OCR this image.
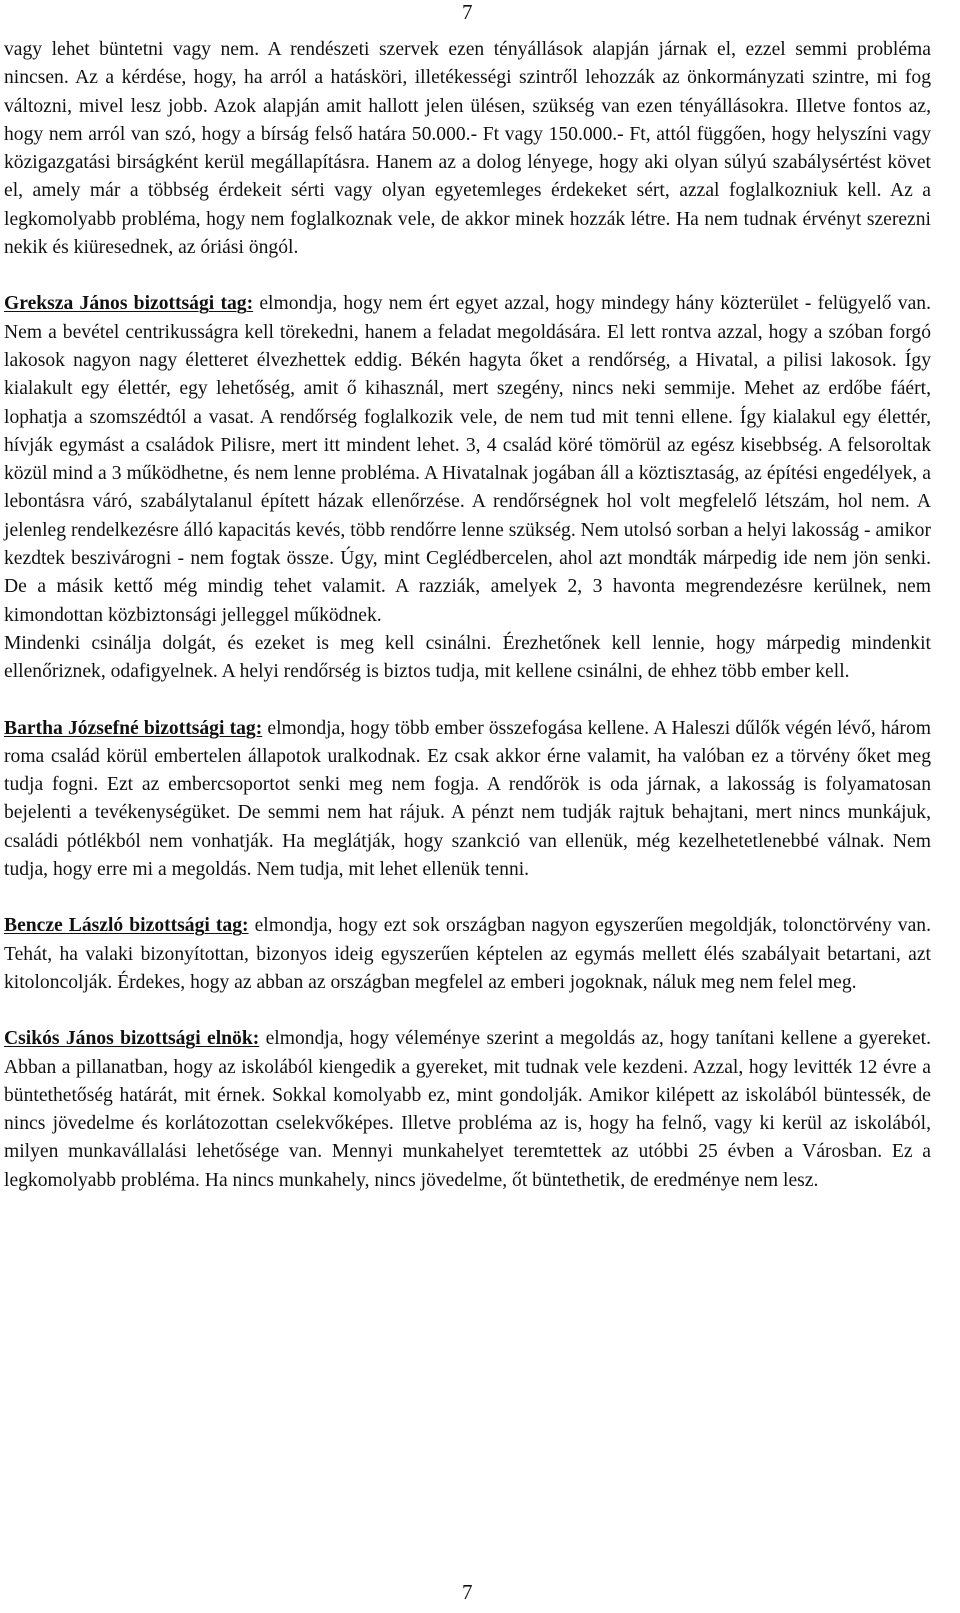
7

vagy lehet büntetni vagy nem. A rendészeti szervek ezen tényállások alapján járnak el, ezzel semmi probléma nincsen. Az a kérdése, hogy, ha arról a hatásköri, illetékességi szintről lehozzák az önkormányzati szintre, mi fog változni, mivel lesz jobb. Azok alapján amit hallott jelen ülésen, szükség van ezen tényállásokra. Illetve fontos az, hogy nem arról van szó, hogy a bírság felső határa 50.000.- Ft vagy 150.000.- Ft, attól függően, hogy helyszíni vagy közigazgatási birságként kerül megállapításra. Hanem az a dolog lényege, hogy aki olyan súlyú szabálysértést követ el, amely már a többség érdekeit sérti vagy olyan egyetemleges érdekeket sért, azzal foglalkozniuk kell. Az a legkomolyabb probléma, hogy nem foglalkoznak vele, de akkor minek hozzák létre. Ha nem tudnak érvényt szerezni nekik és kiüresednek, az óriási öngól.

Greksza János bizottsági tag: elmondja, hogy nem ért egyet azzal, hogy mindegy hány közterület - felügyelő van. Nem a bevétel centrikusságra kell törekedni, hanem a feladat megoldására. El lett rontva azzal, hogy a szóban forgó lakosok nagyon nagy életteret élvezhettek eddig. Békén hagyta őket a rendőrség, a Hivatal, a pilisi lakosok. Így kialakult egy élettér, egy lehetőség, amit ő kihasznál, mert szegény, nincs neki semmije. Mehet az erdőbe fáért, lophatja a szomszédtól a vasat. A rendőrség foglalkozik vele, de nem tud mit tenni ellene. Így kialakul egy élettér, hívják egymást a családok Pilisre, mert itt mindent lehet. 3, 4 család köré tömörül az egész kisebbség. A felsoroltak közül mind a 3 működhetne, és nem lenne probléma. A Hivatalnak jogában áll a köztisztaság, az építési engedélyek, a lebontásra váró, szabálytalanul épített házak ellenőrzése. A rendőrségnek hol volt megfelelő létszám, hol nem. A jelenleg rendelkezésre álló kapacitás kevés, több rendőrre lenne szükség. Nem utolsó sorban a helyi lakosság - amikor kezdtek beszivárogni - nem fogtak össze. Úgy, mint Ceglédbercelen, ahol azt mondták márpedig ide nem jön senki. De a másik kettő még mindig tehet valamit. A razziák, amelyek 2, 3 havonta megrendezésre kerülnek, nem kimondottan közbiztonsági jelleggel működnek.

Mindenki csinálja dolgát, és ezeket is meg kell csinálni. Érezhetőnek kell lennie, hogy márpedig mindenkit ellenőriznek, odafigyelnek. A helyi rendőrség is biztos tudja, mit kellene csinálni, de ehhez több ember kell.

Bartha Józsefné bizottsági tag: elmondja, hogy több ember összefogása kellene. A Haleszi dűlők végén lévő, három roma család körül embertelen állapotok uralkodnak. Ez csak akkor érne valamit, ha valóban ez a törvény őket meg tudja fogni. Ezt az embercsoportot senki meg nem fogja. A rendőrök is oda járnak, a lakosság is folyamatosan bejelenti a tevékenységüket. De semmi nem hat rájuk. A pénzt nem tudják rajtuk behajtani, mert nincs munkájuk, családi pótlékból nem vonhatják. Ha meglátják, hogy szankció van ellenük, még kezelhetetlenebbé válnak. Nem tudja, hogy erre mi a megoldás. Nem tudja, mit lehet ellenük tenni.

Bencze László bizottsági tag: elmondja, hogy ezt sok országban nagyon egyszerűen megoldják, tolonctörvény van. Tehát, ha valaki bizonyítottan, bizonyos ideig egyszerűen képtelen az egymás mellett élés szabályait betartani, azt kitoloncolják. Érdekes, hogy az abban az országban megfelel az emberi jogoknak, náluk meg nem felel meg.

Csikós János bizottsági elnök: elmondja, hogy véleménye szerint a megoldás az, hogy tanítani kellene a gyereket. Abban a pillanatban, hogy az iskolából kiengedik a gyereket, mit tudnak vele kezdeni. Azzal, hogy levitték 12 évre a büntethetőség határát, mit érnek. Sokkal komolyabb ez, mint gondolják. Amikor kilépett az iskolából büntessék, de nincs jövedelme és korlátozottan cselekvőképes. Illetve probléma az is, hogy ha felnő, vagy ki kerül az iskolából, milyen munkavállalási lehetősége van. Mennyi munkahelyet teremtettek az utóbbi 25 évben a Városban. Ez a legkomolyabb probléma. Ha nincs munkahely, nincs jövedelme, őt büntethetik, de eredménye nem lesz.

7
